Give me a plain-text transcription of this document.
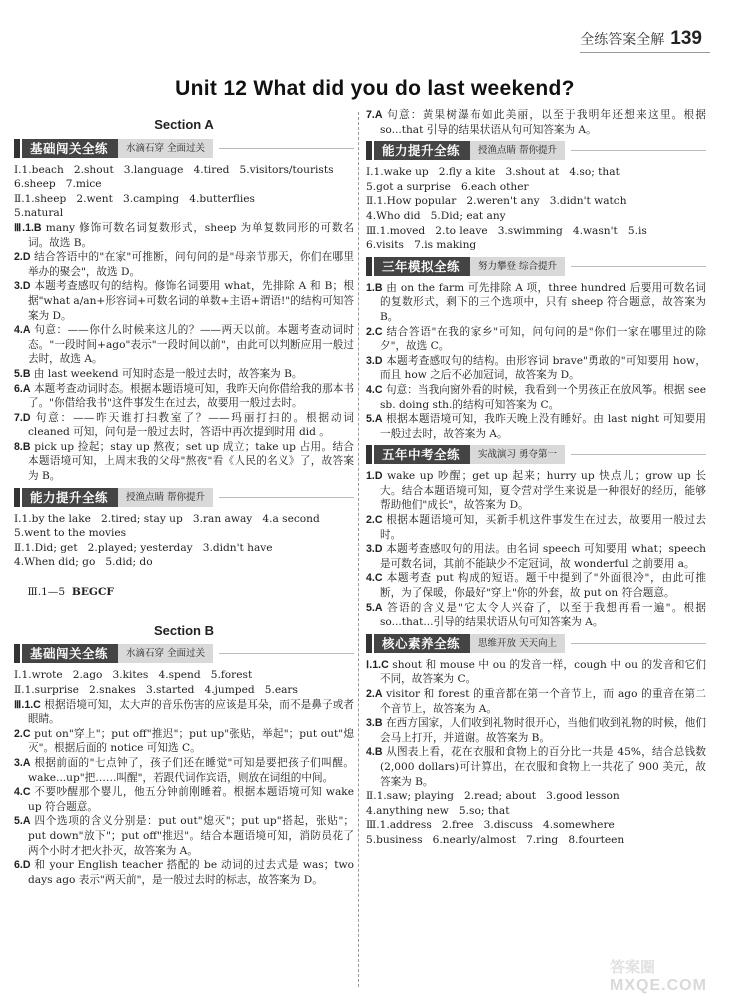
全练答案全解 139
Unit 12 What did you do last weekend?
Section A
基础闯关全练	水滴石穿 全面过关
Ⅰ.1.beach   2.shout   3.language   4.tired   5.visitors/tourists
6.sheep   7.mice
Ⅱ.1.sheep   2.went   3.camping   4.butterflies
5.natural
Ⅲ.1.B many 修饰可数名词复数形式，sheep 为单复数同形的可数名词。故选 B。
2.D 结合答语中的"在家"可推断，问句问的是"母亲节那天，你们在哪里举办的聚会"，故选 D。
3.D 本题考查感叹句的结构。修饰名词要用 what，先排除 A 和 B；根据"what a/an+形容词+可数名词的单数+主语+谓语!"的结构可知答案为 D。
4.A 句意：——你什么时候来这儿的？——两天以前。本题考查动词时态。"一段时间+ago"表示"一段时间以前"，由此可以判断应用一般过去时，故选 A。
5.B 由 last weekend 可知时态是一般过去时，故答案为 B。
6.A 本题考查动词时态。根据本题语境可知，我昨天向你借给我的那本书了。"你借给我书"这件事发生在过去，故要用一般过去时。
7.D 句意：——昨天谁打扫教室了？——玛丽打扫的。根据动词 cleaned 可知，问句是一般过去时，答语中再次提到时用 did 。
8.B pick up 捡起；stay up 熬夜；set up 成立；take up 占用。结合本题语境可知，上周末我的父母"熬夜"看《人民的名义》了，故答案为 B。
能力提升全练	授渔点睛 帮你提升
Ⅰ.1.by the lake   2.tired; stay up   3.ran away   4.a second
5.went to the movies
Ⅱ.1.Did; get   2.played; yesterday   3.didn't have
4.When did; go   5.did; do

Ⅲ.1—5  BEGCF

Section B
基础闯关全练	水滴石穿 全面过关
Ⅰ.1.wrote   2.ago   3.kites   4.spend   5.forest
Ⅱ.1.surprise   2.snakes   3.started   4.jumped   5.ears
Ⅲ.1.C 根据语境可知，太大声的音乐伤害的应该是耳朵，而不是鼻子或者眼睛。
2.C put on"穿上"；put off"推迟"；put up"张贴，举起"；put out"熄灭"。根据后面的 notice 可知选 C。
3.A 根据前面的"七点钟了，孩子们还在睡觉"可知是要把孩子们叫醒。wake...up"把……叫醒"，若跟代词作宾语，则放在词组的中间。
4.C 不要吵醒那个婴儿，他五分钟前刚睡着。根据本题语境可知 wake up 符合题意。
5.A 四个选项的含义分别是：put out"熄灭"；put up"搭起，张贴"；put down"放下"；put off"推迟"。结合本题语境可知，消防员花了两个小时才把火扑灭，故答案为 A。
6.D 和 your English teacher 搭配的 be 动词的过去式是 was；two days ago 表示"两天前"，是一般过去时的标志，故答案为 D。
7.A 句意：黄果树瀑布如此美丽，以至于我明年还想来这里。根据 so...that 引导的结果状语从句可知答案为 A。
能力提升全练	授渔点睛 帮你提升
Ⅰ.1.wake up   2.fly a kite   3.shout at   4.so; that
5.got a surprise   6.each other
Ⅱ.1.How popular   2.weren't any   3.didn't watch
4.Who did   5.Did; eat any
Ⅲ.1.moved   2.to leave   3.swimming   4.wasn't   5.is
6.visits   7.is making
三年模拟全练	努力攀登 综合提升
1.B 由 on the farm 可先排除 A 项，three hundred 后要用可数名词的复数形式，剩下的三个选项中，只有 sheep 符合题意，故答案为 B。
2.C 结合答语"在我的家乡"可知，问句问的是"你们一家在哪里过的除夕"，故选 C。
3.D 本题考查感叹句的结构。由形容词 brave"勇敢的"可知要用 how，而且 how 之后不必加冠词，故答案为 D。
4.C 句意：当我向窗外看的时候，我看到一个男孩正在放风筝。根据 see sb. doing sth.的结构可知答案为 C。
5.A 根据本题语境可知，我昨天晚上没有睡好。由 last night 可知要用一般过去时，故答案为 A。
五年中考全练	实战演习 勇夺第一
1.D wake up 吵醒；get up 起来；hurry up 快点儿；grow up 长大。结合本题语境可知，夏令营对学生来说是一种很好的经历，能够帮助他们"成长"，故答案为 D。
2.C 根据本题语境可知，买新手机这件事发生在过去，故要用一般过去时。
3.D 本题考查感叹句的用法。由名词 speech 可知要用 what；speech 是可数名词，其前不能缺少不定冠词，故 wonderful 之前要用 a。
4.C 本题考查 put 构成的短语。题干中提到了"外面很冷"，由此可推断，为了保暖，你最好"穿上"你的外套，故 put on 符合题意。
5.A 答语的含义是"它太令人兴奋了，以至于我想再看一遍"。根据 so...that...引导的结果状语从句可知答案为 A。
核心素养全练	思维开放 天天向上
Ⅰ.1.C shout 和 mouse 中 ou 的发音一样，cough 中 ou 的发音和它们不同，故答案为 C。
2.A visitor 和 forest 的重音都在第一个音节上，而 ago 的重音在第二个音节上，故答案为 A。
3.B 在西方国家，人们收到礼物时很开心，当他们收到礼物的时候，他们会马上打开，并道谢。故答案为 B。
4.B 从图表上看，花在衣服和食物上的百分比一共是 45%，结合总钱数(2,000 dollars)可计算出，在衣服和食物上一共花了 900 美元，故答案为 B。
Ⅱ.1.saw; playing   2.read; about   3.good lesson
4.anything new   5.so; that
Ⅲ.1.address   2.free   3.discuss   4.somewhere
5.business   6.nearly/almost   7.ring   8.fourteen
答案圈
MXQE.COM
